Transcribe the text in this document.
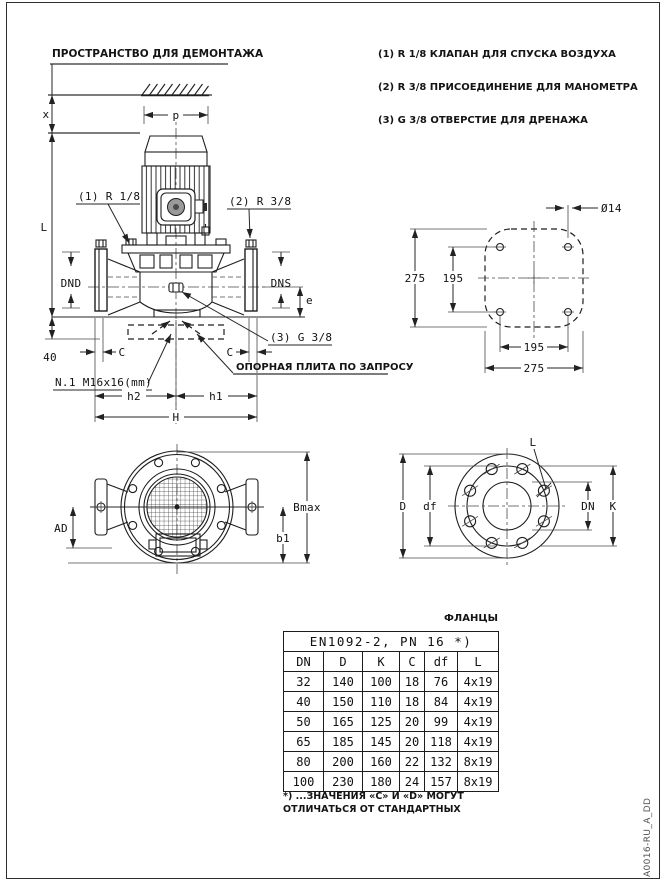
x	p
L
DND	DNS
e
40	C	C
h2	h1
H
(1) R 1/8	(2) R 3/8
(3) G 3/8
N.1 M16x16(mm)
ОПОРНАЯ ПЛИТА ПО ЗАПРОСУ
275 195
195
275
Ø14
AD
Bmax
b1
D df	DN K
L
ПРОСТРАНСТВО ДЛЯ ДЕМОНТАЖА	(1) R 1/8 КЛАПАН ДЛЯ СПУСКА ВОЗДУХА
(2) R 3/8 ПРИСОЕДИНЕНИЕ ДЛЯ МАНОМЕТРА
(3) G 3/8 ОТВЕРСТИЕ ДЛЯ ДРЕНАЖА
ФЛАНЦЫ
EN1092-2, PN 16 *)					
DN	D	K	C	df	L
32	140	100	18	76	4x19
40	150	110	18	84	4x19
50	165	125	20	99	4x19
65	185	145	20	118	4x19
80	200	160	22	132	8x19
100	230	180	24	157	8x19
*) ...ЗНАЧЕНИЯ «С» И «D» МОГУТ
ОТЛИЧАТЬСЯ ОТ СТАНДАРТНЫХ	A0016-RU_A_DD
